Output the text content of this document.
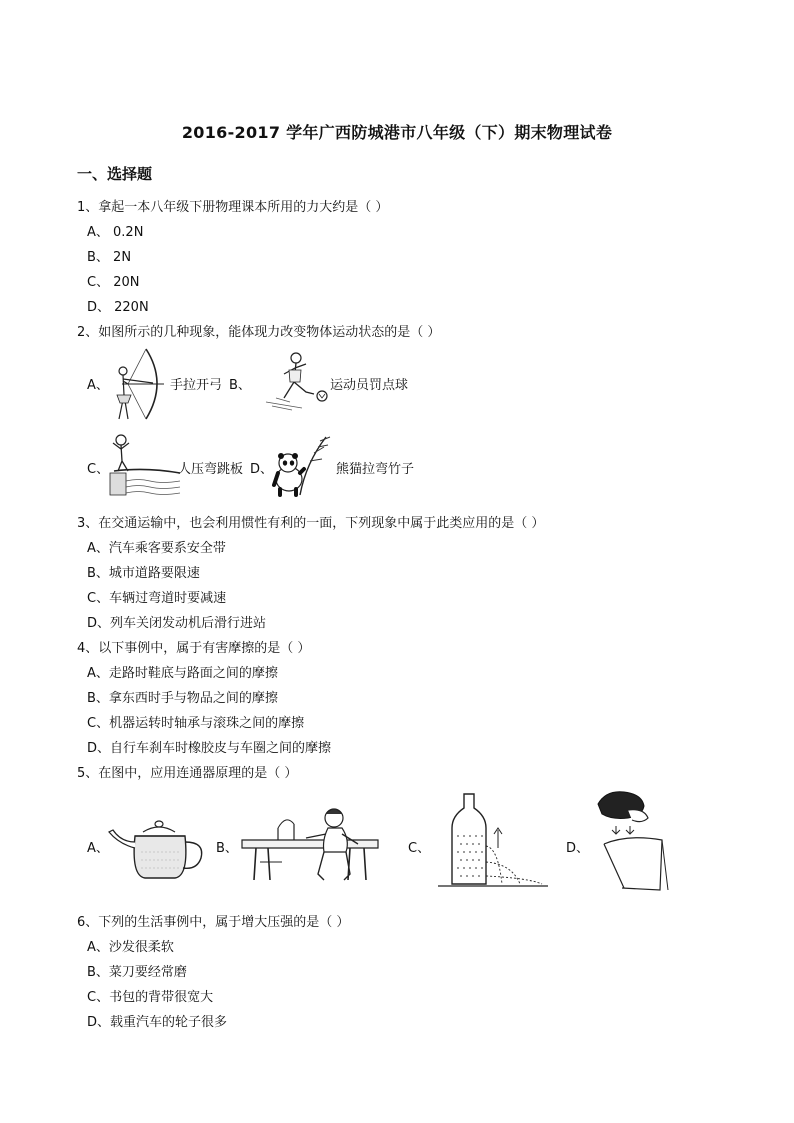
2016-2017 学年广西防城港市八年级（下）期末物理试卷
一、选择题
1、拿起一本八年级下册物理课本所用的力大约是（ ）
A、 0.2N
B、 2N
C、 20N
D、 220N
2、如图所示的几种现象，能体现力改变物体运动状态的是（ ）
A、	手拉开弓 B、	运动员罚点球
C、	人压弯跳板 D、	熊猫拉弯竹子
3、在交通运输中，也会利用惯性有利的一面，下列现象中属于此类应用的是（ ）
A、汽车乘客要系安全带
B、城市道路要限速
C、车辆过弯道时要减速
D、列车关闭发动机后滑行进站
4、以下事例中，属于有害摩擦的是（ ）
A、走路时鞋底与路面之间的摩擦
B、拿东西时手与物品之间的摩擦
C、机器运转时轴承与滚珠之间的摩擦
D、自行车刹车时橡胶皮与车圈之间的摩擦
5、在图中，应用连通器原理的是（ ）
A、	B、	C、	D、
6、下列的生活事例中，属于增大压强的是（ ）
A、沙发很柔软
B、菜刀要经常磨
C、书包的背带很宽大
D、载重汽车的轮子很多
